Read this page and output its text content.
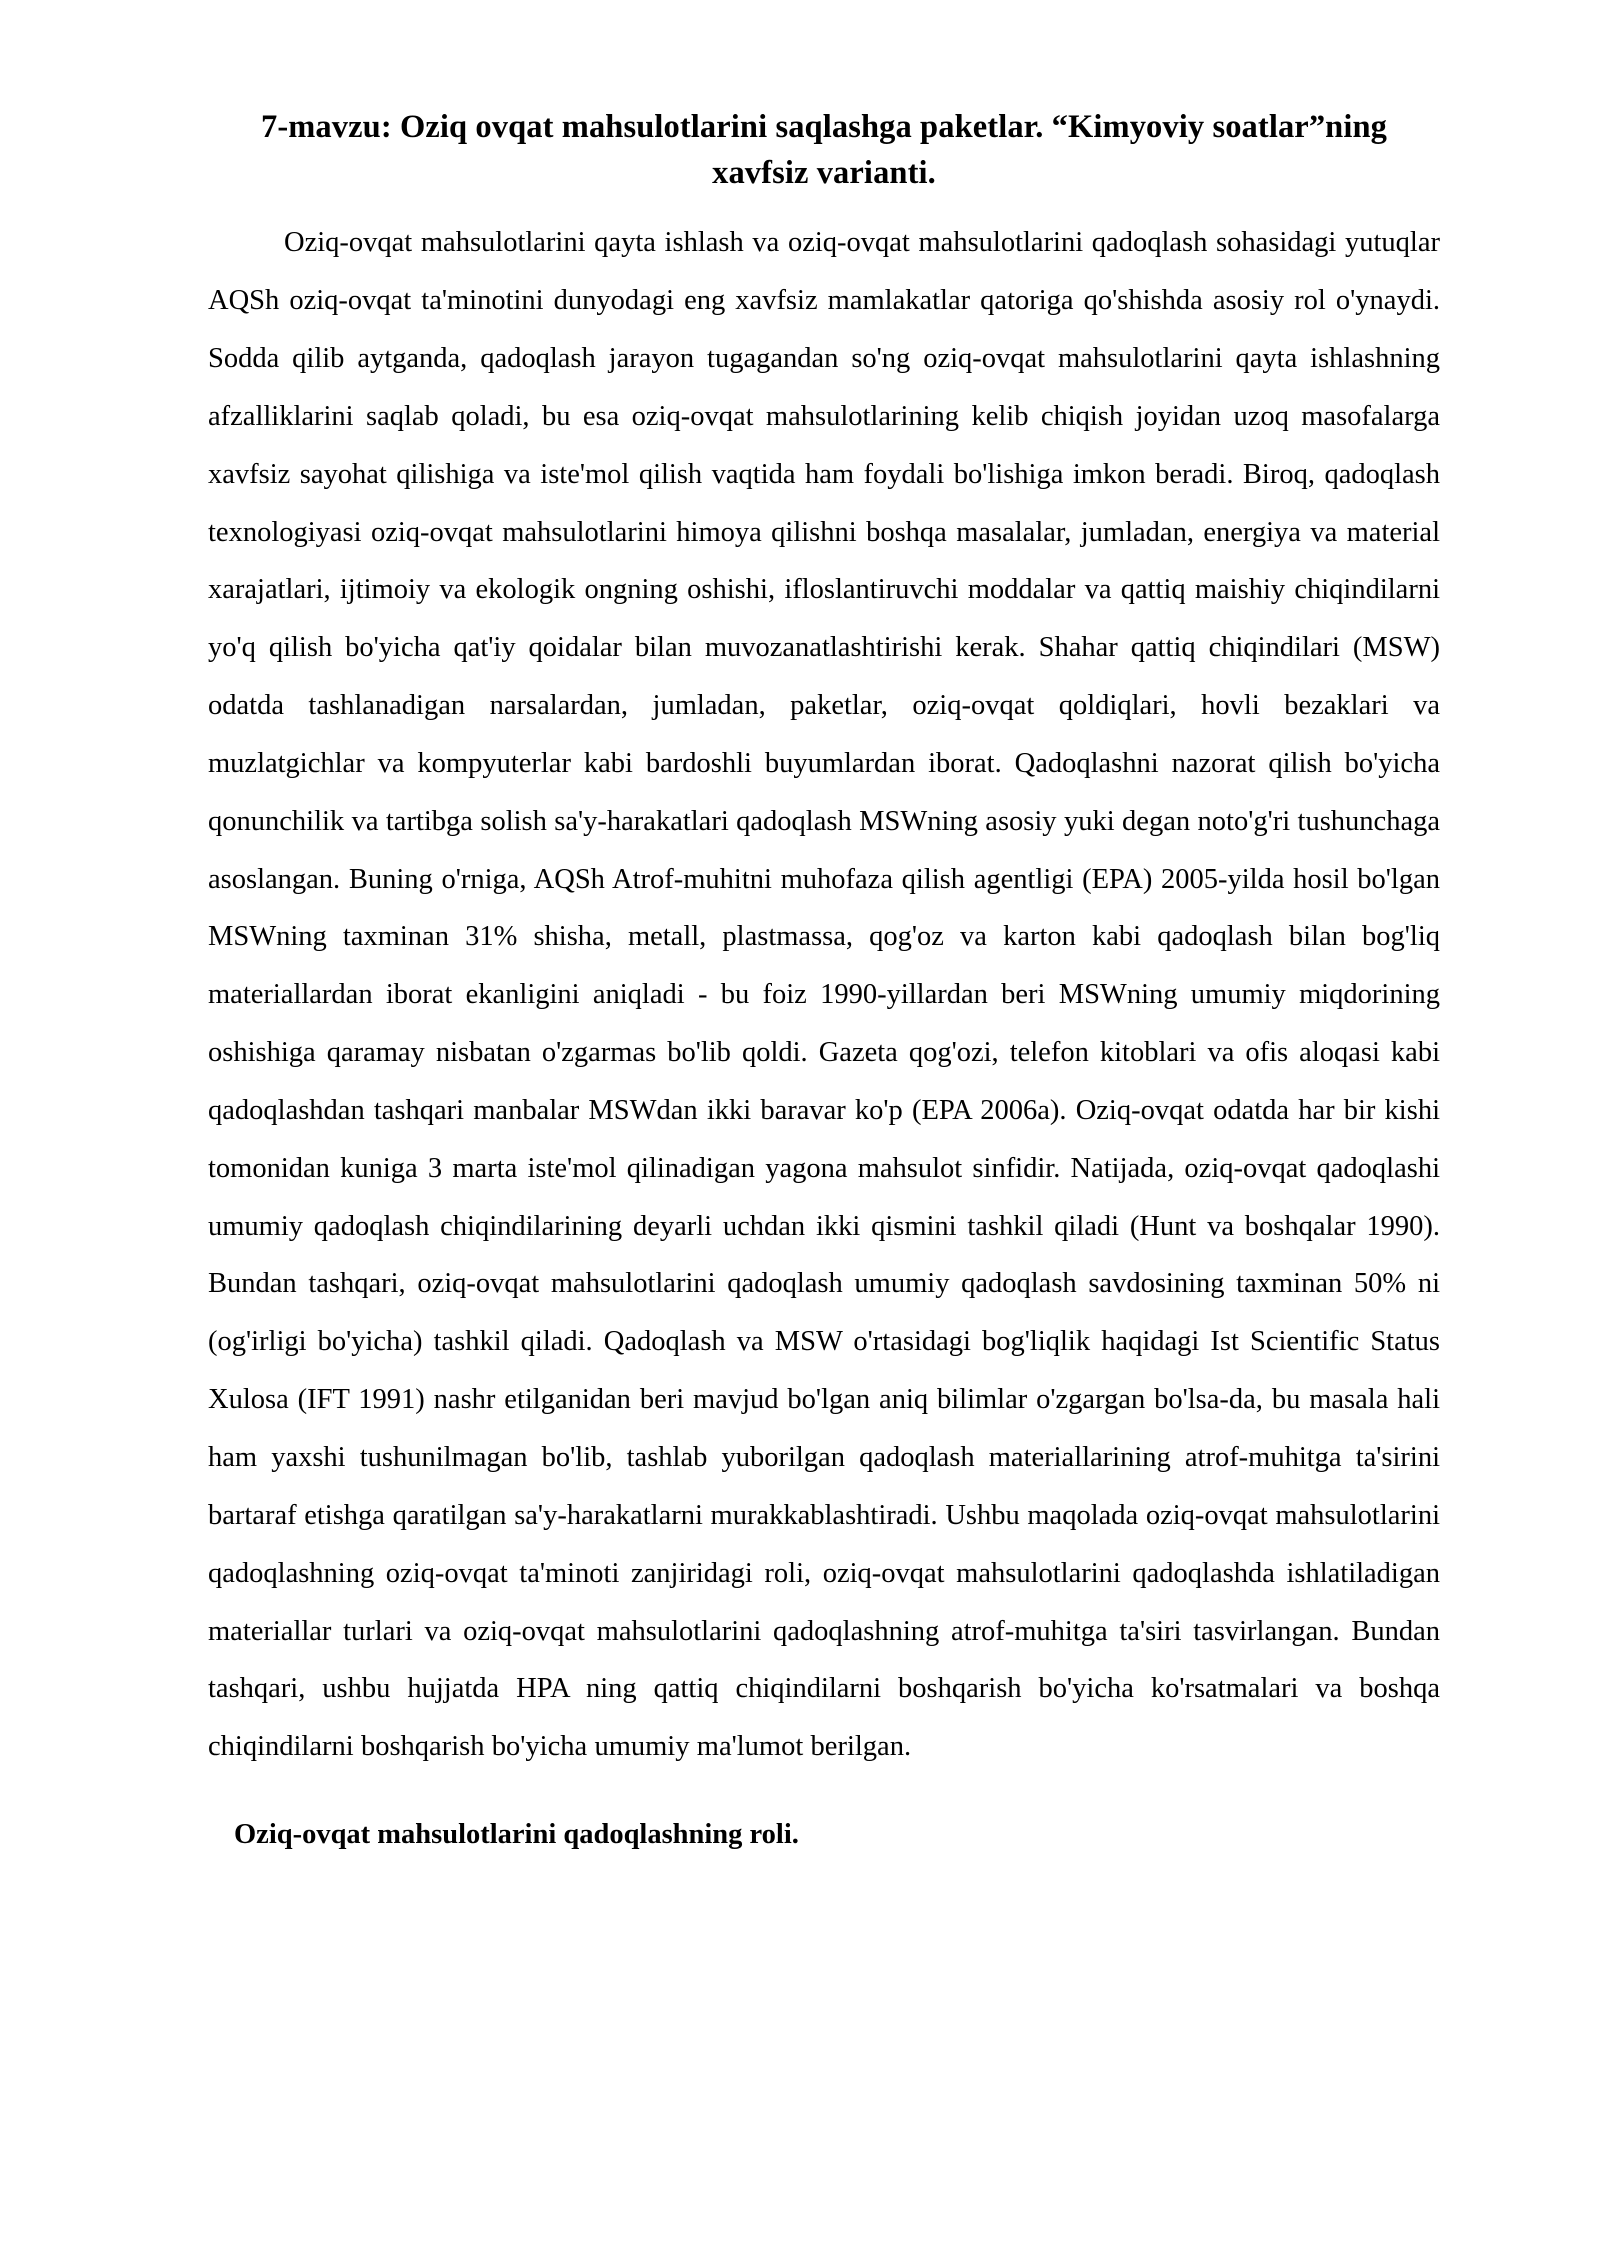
7-mavzu: Oziq ovqat mahsulotlarini saqlashga paketlar. “Kimyoviy soatlar”ning xavfsiz varianti.

Oziq-ovqat mahsulotlarini qayta ishlash va oziq-ovqat mahsulotlarini qadoqlash sohasidagi yutuqlar AQSh oziq-ovqat ta'minotini dunyodagi eng xavfsiz mamlakatlar qatoriga qo'shishda asosiy rol o'ynaydi. Sodda qilib aytganda, qadoqlash jarayon tugagandan so'ng oziq-ovqat mahsulotlarini qayta ishlashning afzalliklarini saqlab qoladi, bu esa oziq-ovqat mahsulotlarining kelib chiqish joyidan uzoq masofalarga xavfsiz sayohat qilishiga va iste'mol qilish vaqtida ham foydali bo'lishiga imkon beradi. Biroq, qadoqlash texnologiyasi oziq-ovqat mahsulotlarini himoya qilishni boshqa masalalar, jumladan, energiya va material xarajatlari, ijtimoiy va ekologik ongning oshishi, ifloslantiruvchi moddalar va qattiq maishiy chiqindilarni yo'q qilish bo'yicha qat'iy qoidalar bilan muvozanatlashtirishi kerak. Shahar qattiq chiqindilari (MSW) odatda tashlanadigan narsalardan, jumladan, paketlar, oziq-ovqat qoldiqlari, hovli bezaklari va muzlatgichlar va kompyuterlar kabi bardoshli buyumlardan iborat. Qadoqlashni nazorat qilish bo'yicha qonunchilik va tartibga solish sa'y-harakatlari qadoqlash MSWning asosiy yuki degan noto'g'ri tushunchaga asoslangan. Buning o'rniga, AQSh Atrof-muhitni muhofaza qilish agentligi (EPA) 2005-yilda hosil bo'lgan MSWning taxminan 31% shisha, metall, plastmassa, qog'oz va karton kabi qadoqlash bilan bog'liq materiallardan iborat ekanligini aniqladi - bu foiz 1990-yillardan beri MSWning umumiy miqdorining oshishiga qaramay nisbatan o'zgarmas bo'lib qoldi. Gazeta qog'ozi, telefon kitoblari va ofis aloqasi kabi qadoqlashdan tashqari manbalar MSWdan ikki baravar ko'p (EPA 2006a). Oziq-ovqat odatda har bir kishi tomonidan kuniga 3 marta iste'mol qilinadigan yagona mahsulot sinfidir. Natijada, oziq-ovqat qadoqlashi umumiy qadoqlash chiqindilarining deyarli uchdan ikki qismini tashkil qiladi (Hunt va boshqalar 1990). Bundan tashqari, oziq-ovqat mahsulotlarini qadoqlash umumiy qadoqlash savdosining taxminan 50% ni (og'irligi bo'yicha) tashkil qiladi. Qadoqlash va MSW o'rtasidagi bog'liqlik haqidagi Ist Scientific Status Xulosa (IFT 1991) nashr etilganidan beri mavjud bo'lgan aniq bilimlar o'zgargan bo'lsa-da, bu masala hali ham yaxshi tushunilmagan bo'lib, tashlab yuborilgan qadoqlash materiallarining atrof-muhitga ta'sirini bartaraf etishga qaratilgan sa'y-harakatlarni murakkablashtiradi. Ushbu maqolada oziq-ovqat mahsulotlarini qadoqlashning oziq-ovqat ta'minoti zanjiridagi roli, oziq-ovqat mahsulotlarini qadoqlashda ishlatiladigan materiallar turlari va oziq-ovqat mahsulotlarini qadoqlashning atrof-muhitga ta'siri tasvirlangan. Bundan tashqari, ushbu hujjatda HPA ning qattiq chiqindilarni boshqarish bo'yicha ko'rsatmalari va boshqa chiqindilarni boshqarish bo'yicha umumiy ma'lumot berilgan.

Oziq-ovqat mahsulotlarini qadoqlashning roli.
